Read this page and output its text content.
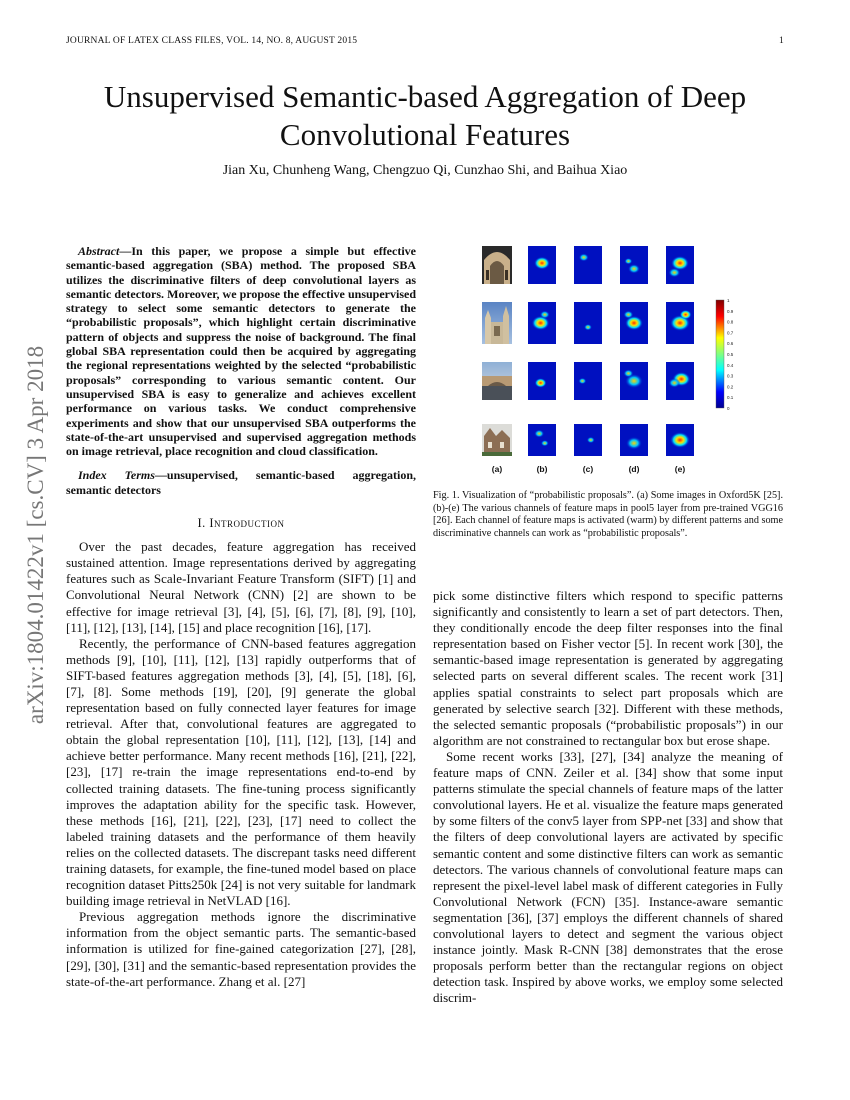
JOURNAL OF LATEX CLASS FILES, VOL. 14, NO. 8, AUGUST 2015	1
arXiv:1804.01422v1 [cs.CV] 3 Apr 2018
Unsupervised Semantic-based Aggregation of Deep Convolutional Features
Jian Xu, Chunheng Wang, Chengzuo Qi, Cunzhao Shi, and Baihua Xiao

Abstract—In this paper, we propose a simple but effective semantic-based aggregation (SBA) method. The proposed SBA utilizes the discriminative filters of deep convolutional layers as semantic detectors. Moreover, we propose the effective unsupervised strategy to select some semantic detectors to generate the “probabilistic proposals”, which highlight certain discriminative pattern of objects and suppress the noise of background. The final global SBA representation could then be acquired by aggregating the regional representations weighted by the selected “probabilistic proposals” corresponding to various semantic content. Our unsupervised SBA is easy to generalize and achieves excellent performance on various tasks. We conduct comprehensive experiments and show that our unsupervised SBA outperforms the state-of-the-art unsupervised and supervised aggregation methods on image retrieval, place recognition and cloud classification.

Index Terms—unsupervised, semantic-based aggregation, semantic detectors

I. Introduction

Over the past decades, feature aggregation has received sustained attention. Image representations derived by aggregating features such as Scale-Invariant Feature Transform (SIFT) [1] and Convolutional Neural Network (CNN) [2] are shown to be effective for image retrieval [3], [4], [5], [6], [7], [8], [9], [10], [11], [12], [13], [14], [15] and place recognition [16], [17].

Recently, the performance of CNN-based features aggregation methods [9], [10], [11], [12], [13] rapidly outperforms that of SIFT-based features aggregation methods [3], [4], [5], [18], [6], [7], [8]. Some methods [19], [20], [9] generate the global representation based on fully connected layer features for image retrieval. After that, convolutional features are aggregated to obtain the global representation [10], [11], [12], [13], [14] and achieve better performance. Many recent methods [16], [21], [22], [23], [17] re-train the image representations end-to-end by collected training datasets. The fine-tuning process significantly improves the adaptation ability for the specific task. However, these methods [16], [21], [22], [23], [17] need to collect the labeled training datasets and the performance of them heavily relies on the collected datasets. The discrepant tasks need different training datasets, for example, the fine-tuned model based on place recognition dataset Pitts250k [24] is not very suitable for landmark building image retrieval in NetVLAD [16].

Previous aggregation methods ignore the discriminative information from the object semantic parts. The semantic-based information is utilized for fine-gained categorization [27], [28], [29], [30], [31] and the semantic-based representation provides the state-of-the-art performance. Zhang et al. [27]

1
0.9
0.8
0.7
0.6
0.5
0.4
0.3
0.2
0.1
0
(a)	(b)	(c)	(d)	(e)
Fig. 1. Visualization of “probabilistic proposals”. (a) Some images in Oxford5K [25]. (b)-(e) The various channels of feature maps in pool5 layer from pre-trained VGG16 [26]. Each channel of feature maps is activated (warm) by different patterns and some discriminative channels can work as “probabilistic proposals”.

pick some distinctive filters which respond to specific patterns significantly and consistently to learn a set of part detectors. Then, they conditionally encode the deep filter responses into the final representation based on Fisher vector [5]. In recent work [30], the semantic-based image representation is generated by aggregating selected parts on several different scales. The recent work [31] applies spatial constraints to select part proposals which are generated by selective search [32]. Different with these methods, the selected semantic proposals (“probabilistic proposals”) in our algorithm are not constrained to rectangular box but erose shape.

Some recent works [33], [27], [34] analyze the meaning of feature maps of CNN. Zeiler et al. [34] show that some input patterns stimulate the special channels of feature maps of the latter convolutional layers. He et al. visualize the feature maps generated by some filters of the conv5 layer from SPP-net [33] and show that the filters of deep convolutional layers are activated by specific semantic content and some distinctive filters can work as semantic detectors. The various channels of convolutional feature maps can represent the pixel-level label mask of different categories in Fully Convolutional Network (FCN) [35]. Instance-aware semantic segmentation [36], [37] employs the different channels of shared convolutional layers to detect and segment the various object instance jointly. Mask R-CNN [38] demonstrates that the erose proposals perform better than the rectangular regions on object detection task. Inspired by above works, we employ some selected discrim-
